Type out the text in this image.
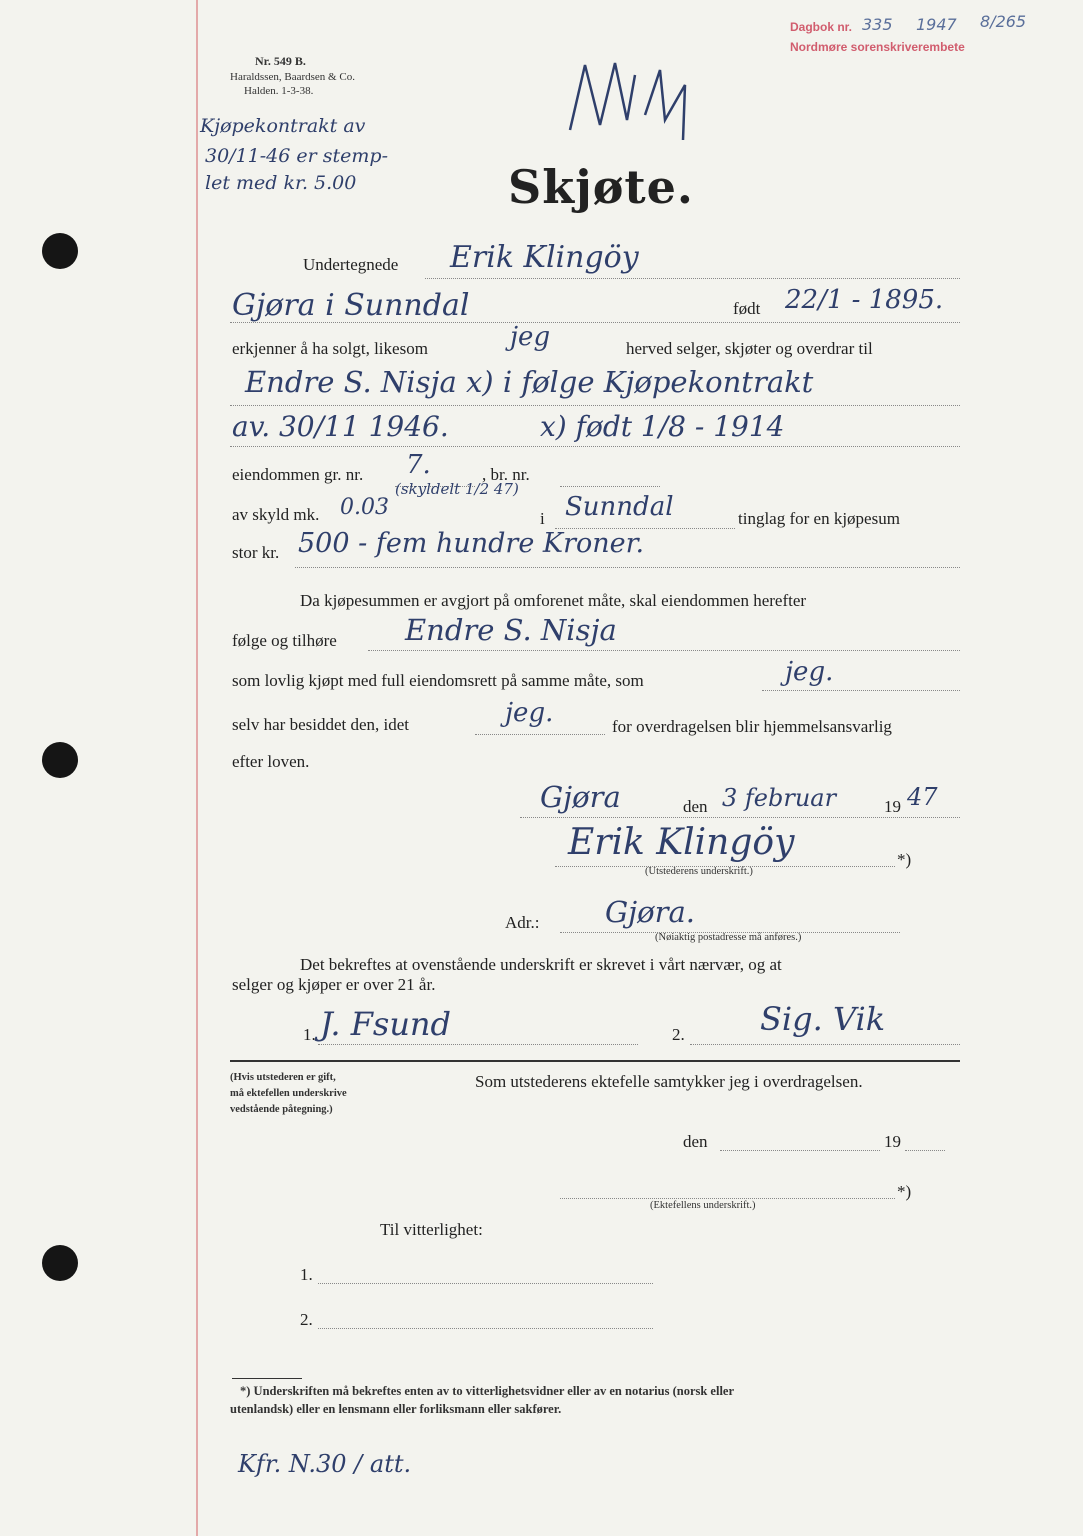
Nr. 549 B.
Haraldssen, Baardsen & Co.
Halden. 1-3-38.
Dagbok nr. 335 1947 8/265
Nordmøre sorenskriverembete
Kjøpekontrakt av
30/11-46 er stemp-
let med kr. 5.00	Skjøte.
Undertegnede Erik Klingöy
Gjøra i Sunndal	født 22/1 - 1895.
erkjenner å ha solgt, likesom	jeg	herved selger, skjøter og overdrar til
Endre S. Nisja x) i følge Kjøpekontrakt
av. 30/11 1946.	x) født 1/8 - 1914
eiendommen gr. nr. 7.	, br. nr.
av skyld mk. 0.03
(skyldelt 1/2 47)
i Sunndal	tinglag for en kjøpesum
stor kr. 500 - fem hundre Kroner.
Da kjøpesummen er avgjort på omforenet måte, skal eiendommen herefter
følge og tilhøre Endre S. Nisja
som lovlig kjøpt med full eiendomsrett på samme måte, som	jeg.
selv har besiddet den, idet	jeg.	for overdragelsen blir hjemmelsansvarlig
efter loven.
Gjøra	den 3 februar	19 47
Erik Klingöy	*)
(Utstederens underskrift.)
Adr.: Gjøra.
(Nøiaktig postadresse må anføres.)
Det bekreftes at ovenstående underskrift er skrevet i vårt nærvær, og at
selger og kjøper er over 21 år.
1. J. Fsund	2. Sig. Vik
(Hvis utstederen er gift,
må ektefellen underskrive
vedstående påtegning.)
Som utstederens ektefelle samtykker jeg i overdragelsen.
den	19
*)
(Ektefellens underskrift.)
Til vitterlighet:
1.
2.
*) Underskriften må bekreftes enten av to vitterlighetsvidner eller av en notarius (norsk eller
utenlandsk) eller en lensmann eller forliksmann eller sakfører.
Kfr. N.30 / att.
